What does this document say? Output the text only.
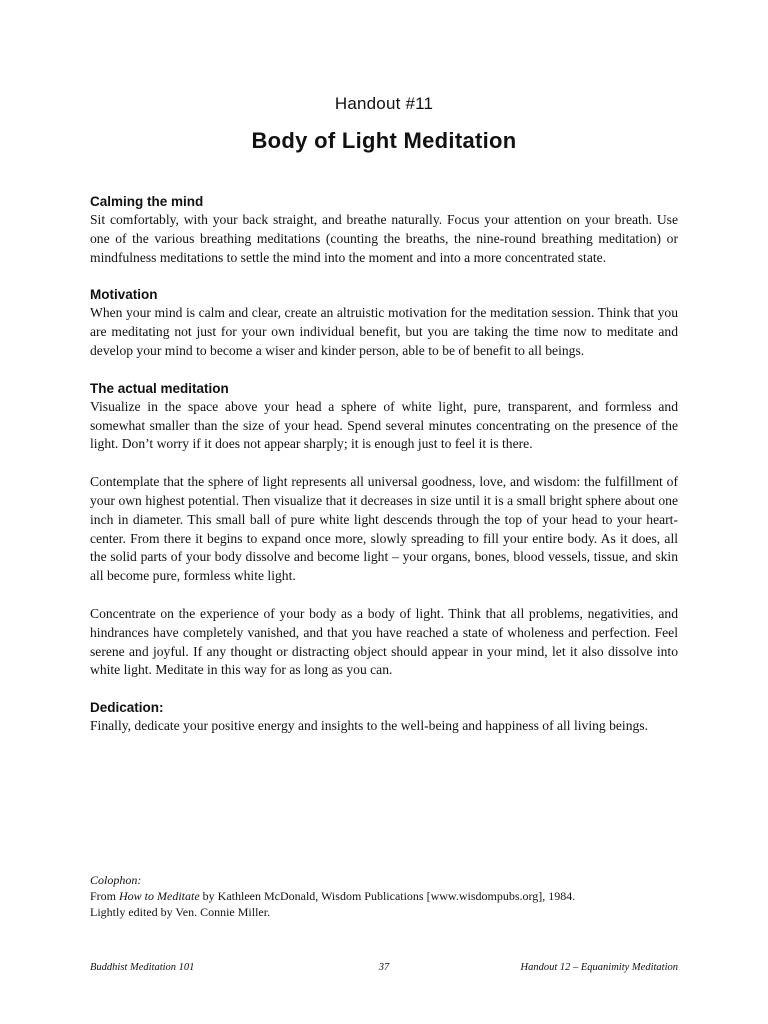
Handout #11
Body of Light Meditation
Calming the mind

Sit comfortably, with your back straight, and breathe naturally. Focus your attention on your breath. Use one of the various breathing meditations (counting the breaths, the nine-round breathing meditation) or mindfulness meditations to settle the mind into the moment and into a more concentrated state.

Motivation

When your mind is calm and clear, create an altruistic motivation for the meditation session. Think that you are meditating not just for your own individual benefit, but you are taking the time now to meditate and develop your mind to become a wiser and kinder person, able to be of benefit to all beings.

The actual meditation

Visualize in the space above your head a sphere of white light, pure, transparent, and formless and somewhat smaller than the size of your head. Spend several minutes concentrating on the presence of the light. Don’t worry if it does not appear sharply; it is enough just to feel it is there.

Contemplate that the sphere of light represents all universal goodness, love, and wisdom: the fulfillment of your own highest potential. Then visualize that it decreases in size until it is a small bright sphere about one inch in diameter. This small ball of pure white light descends through the top of your head to your heart-center. From there it begins to expand once more, slowly spreading to fill your entire body. As it does, all the solid parts of your body dissolve and become light – your organs, bones, blood vessels, tissue, and skin all become pure, formless white light.

Concentrate on the experience of your body as a body of light. Think that all problems, negativities, and hindrances have completely vanished, and that you have reached a state of wholeness and perfection. Feel serene and joyful. If any thought or distracting object should appear in your mind, let it also dissolve into white light. Meditate in this way for as long as you can.

Dedication:

Finally, dedicate your positive energy and insights to the well-being and happiness of all living beings.

Colophon:
From How to Meditate by Kathleen McDonald, Wisdom Publications [www.wisdompubs.org], 1984.
Lightly edited by Ven. Connie Miller.
Buddhist Meditation 101	37	Handout 12 – Equanimity Meditation
